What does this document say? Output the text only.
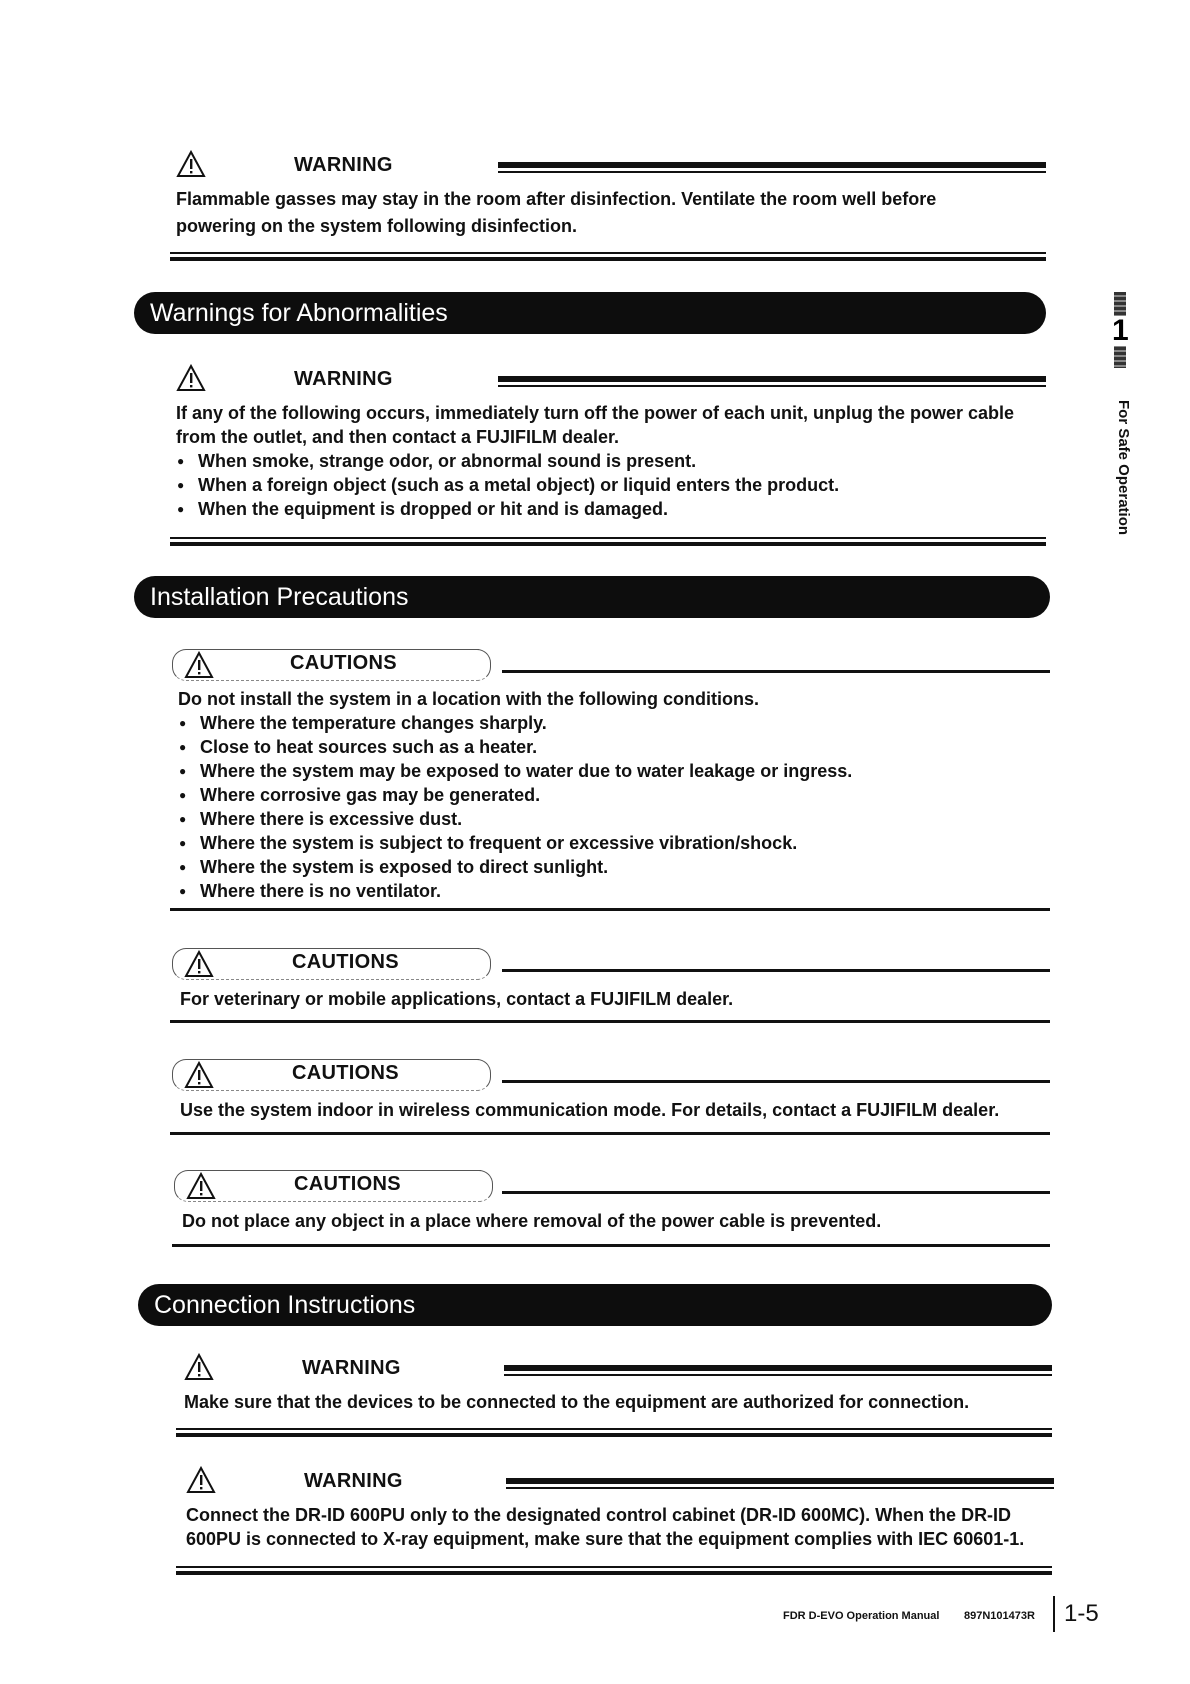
WARNING
Flammable gasses may stay in the room after disinfection. Ventilate the room well before powering on the system following disinfection.
Warnings for Abnormalities
WARNING

If any of the following occurs, immediately turn off the power of each unit, unplug the power cable from the outlet, and then contact a FUJIFILM dealer.

● When smoke, strange odor, or abnormal sound is present.
● When a foreign object (such as a metal object) or liquid enters the product.
● When the equipment is dropped or hit and is damaged.
Installation Precautions
CAUTIONS

Do not install the system in a location with the following conditions.

● Where the temperature changes sharply.
● Close to heat sources such as a heater.
● Where the system may be exposed to water due to water leakage or ingress.
● Where corrosive gas may be generated.
● Where there is excessive dust.
● Where the system is subject to frequent or excessive vibration/shock.
● Where the system is exposed to direct sunlight.
● Where there is no ventilator.
CAUTIONS
For veterinary or mobile applications, contact a FUJIFILM dealer.
CAUTIONS
Use the system indoor in wireless communication mode. For details, contact a FUJIFILM dealer.
CAUTIONS
Do not place any object in a place where removal of the power cable is prevented.
Connection Instructions
WARNING
Make sure that the devices to be connected to the equipment are authorized for connection.
WARNING
Connect the DR-ID 600PU only to the designated control cabinet (DR-ID 600MC). When the DR-ID 600PU is connected to X-ray equipment, make sure that the equipment complies with IEC 60601-1.
1
For Safe Operation
FDR D-EVO Operation Manual 897N101473R 1-5
